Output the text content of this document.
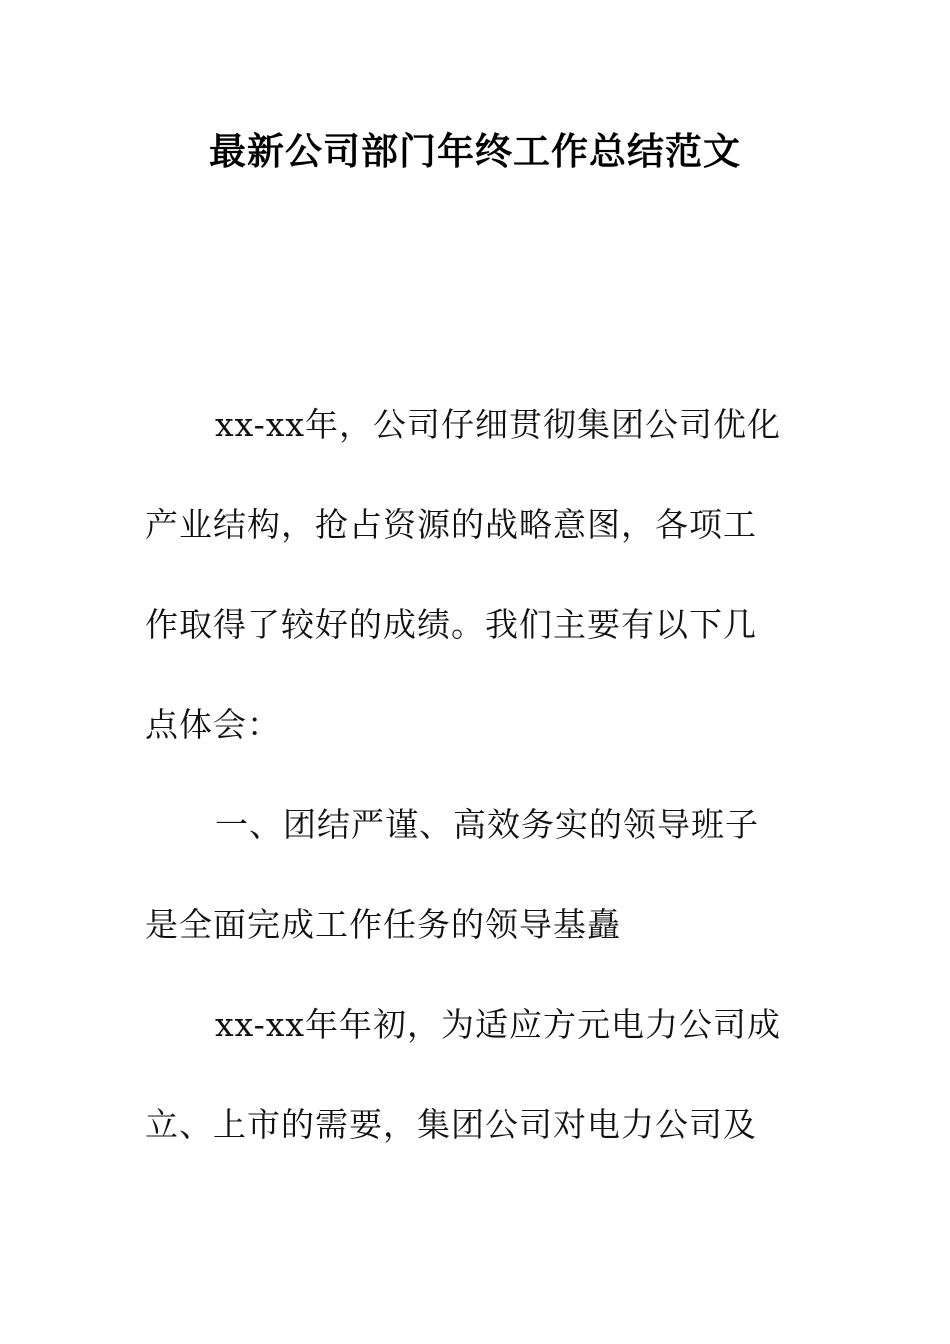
最新公司部门年终工作总结范文
xx-xx年，公司仔细贯彻集团公司优化
产业结构，抢占资源的战略意图，各项工
作取得了较好的成绩。我们主要有以下几
点体会：
一、团结严谨、高效务实的领导班子
是全面完成工作任务的领导基矗
xx-xx年年初，为适应方元电力公司成
立、上市的需要，集团公司对电力公司及
